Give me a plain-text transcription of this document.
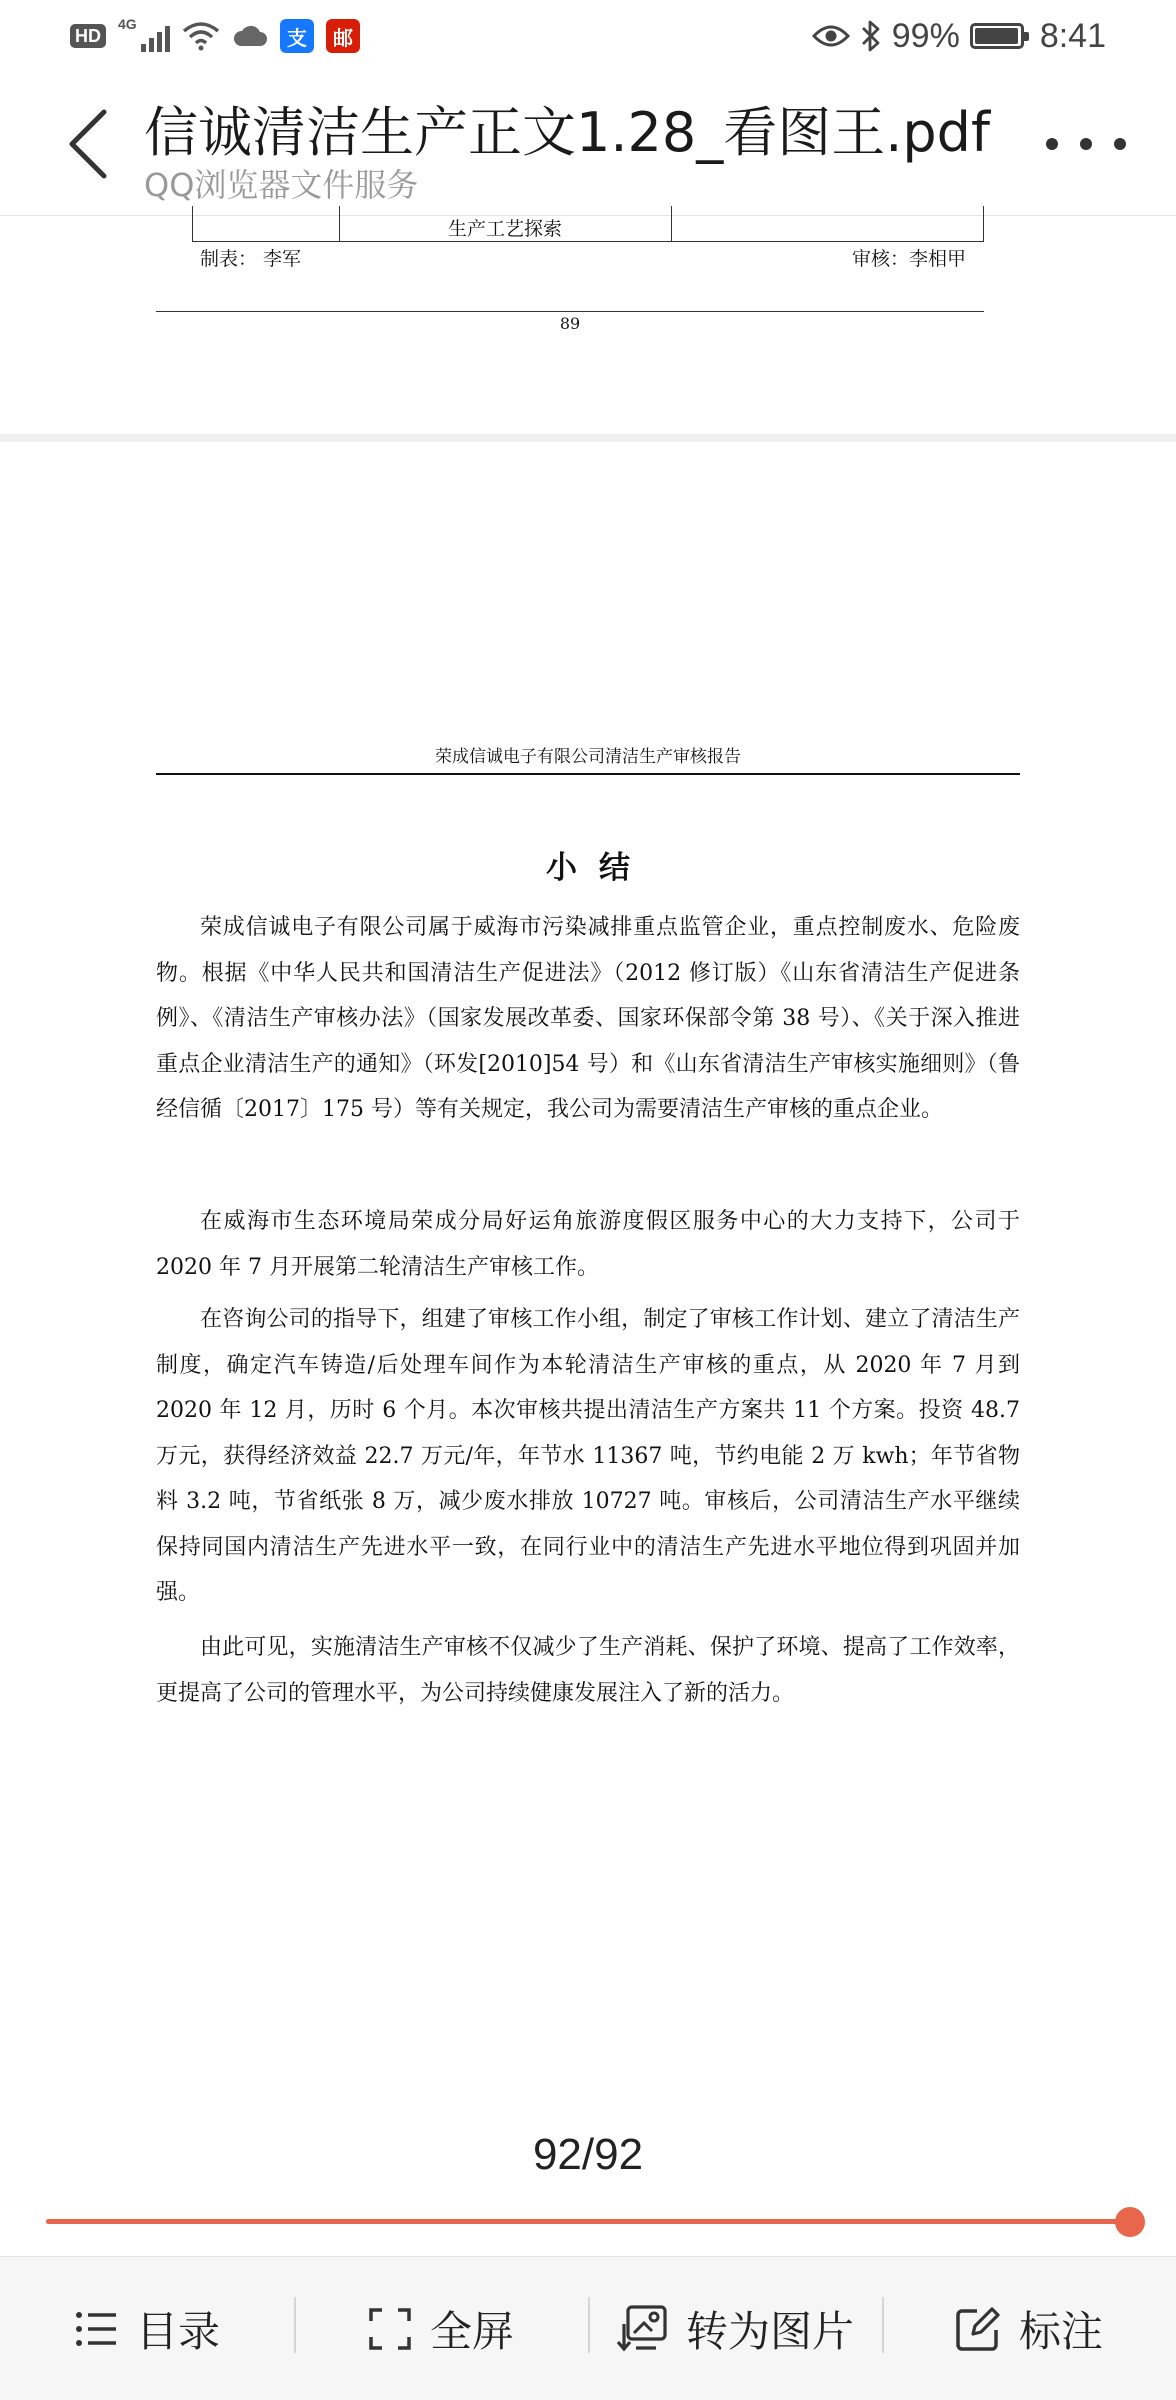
HD
4G
支	邮	99% 8:41
信诚清洁生产正文1.28_看图王.pdf
QQ浏览器文件服务
生产工艺探索
制表： 李军	审核：李相甲
89
荣成信诚电子有限公司清洁生产审核报告
小结

荣成信诚电子有限公司属于威海市污染减排重点监管企业，重点控制废水、危险废物。根据《中华人民共和国清洁生产促进法》（2012 修订版）《山东省清洁生产促进条例》、《清洁生产审核办法》（国家发展改革委、国家环保部令第 38 号）、《关于深入推进重点企业清洁生产的通知》（环发[2010]54 号）和《山东省清洁生产审核实施细则》（鲁经信循〔2017〕175 号）等有关规定，我公司为需要清洁生产审核的重点企业。

在威海市生态环境局荣成分局好运角旅游度假区服务中心的大力支持下，公司于 2020 年 7 月开展第二轮清洁生产审核工作。

在咨询公司的指导下，组建了审核工作小组，制定了审核工作计划、建立了清洁生产制度，确定汽车铸造/后处理车间作为本轮清洁生产审核的重点，从 2020 年 7 月到 2020 年 12 月，历时 6 个月。本次审核共提出清洁生产方案共 11 个方案。投资 48.7 万元，获得经济效益 22.7 万元/年，年节水 11367 吨，节约电能 2 万 kwh；年节省物料 3.2 吨，节省纸张 8 万，减少废水排放 10727 吨。审核后，公司清洁生产水平继续保持同国内清洁生产先进水平一致，在同行业中的清洁生产先进水平地位得到巩固并加强。

由此可见，实施清洁生产审核不仅减少了生产消耗、保护了环境、提高了工作效率，更提高了公司的管理水平，为公司持续健康发展注入了新的活力。

92/92
目录	全屏	转为图片	标注
